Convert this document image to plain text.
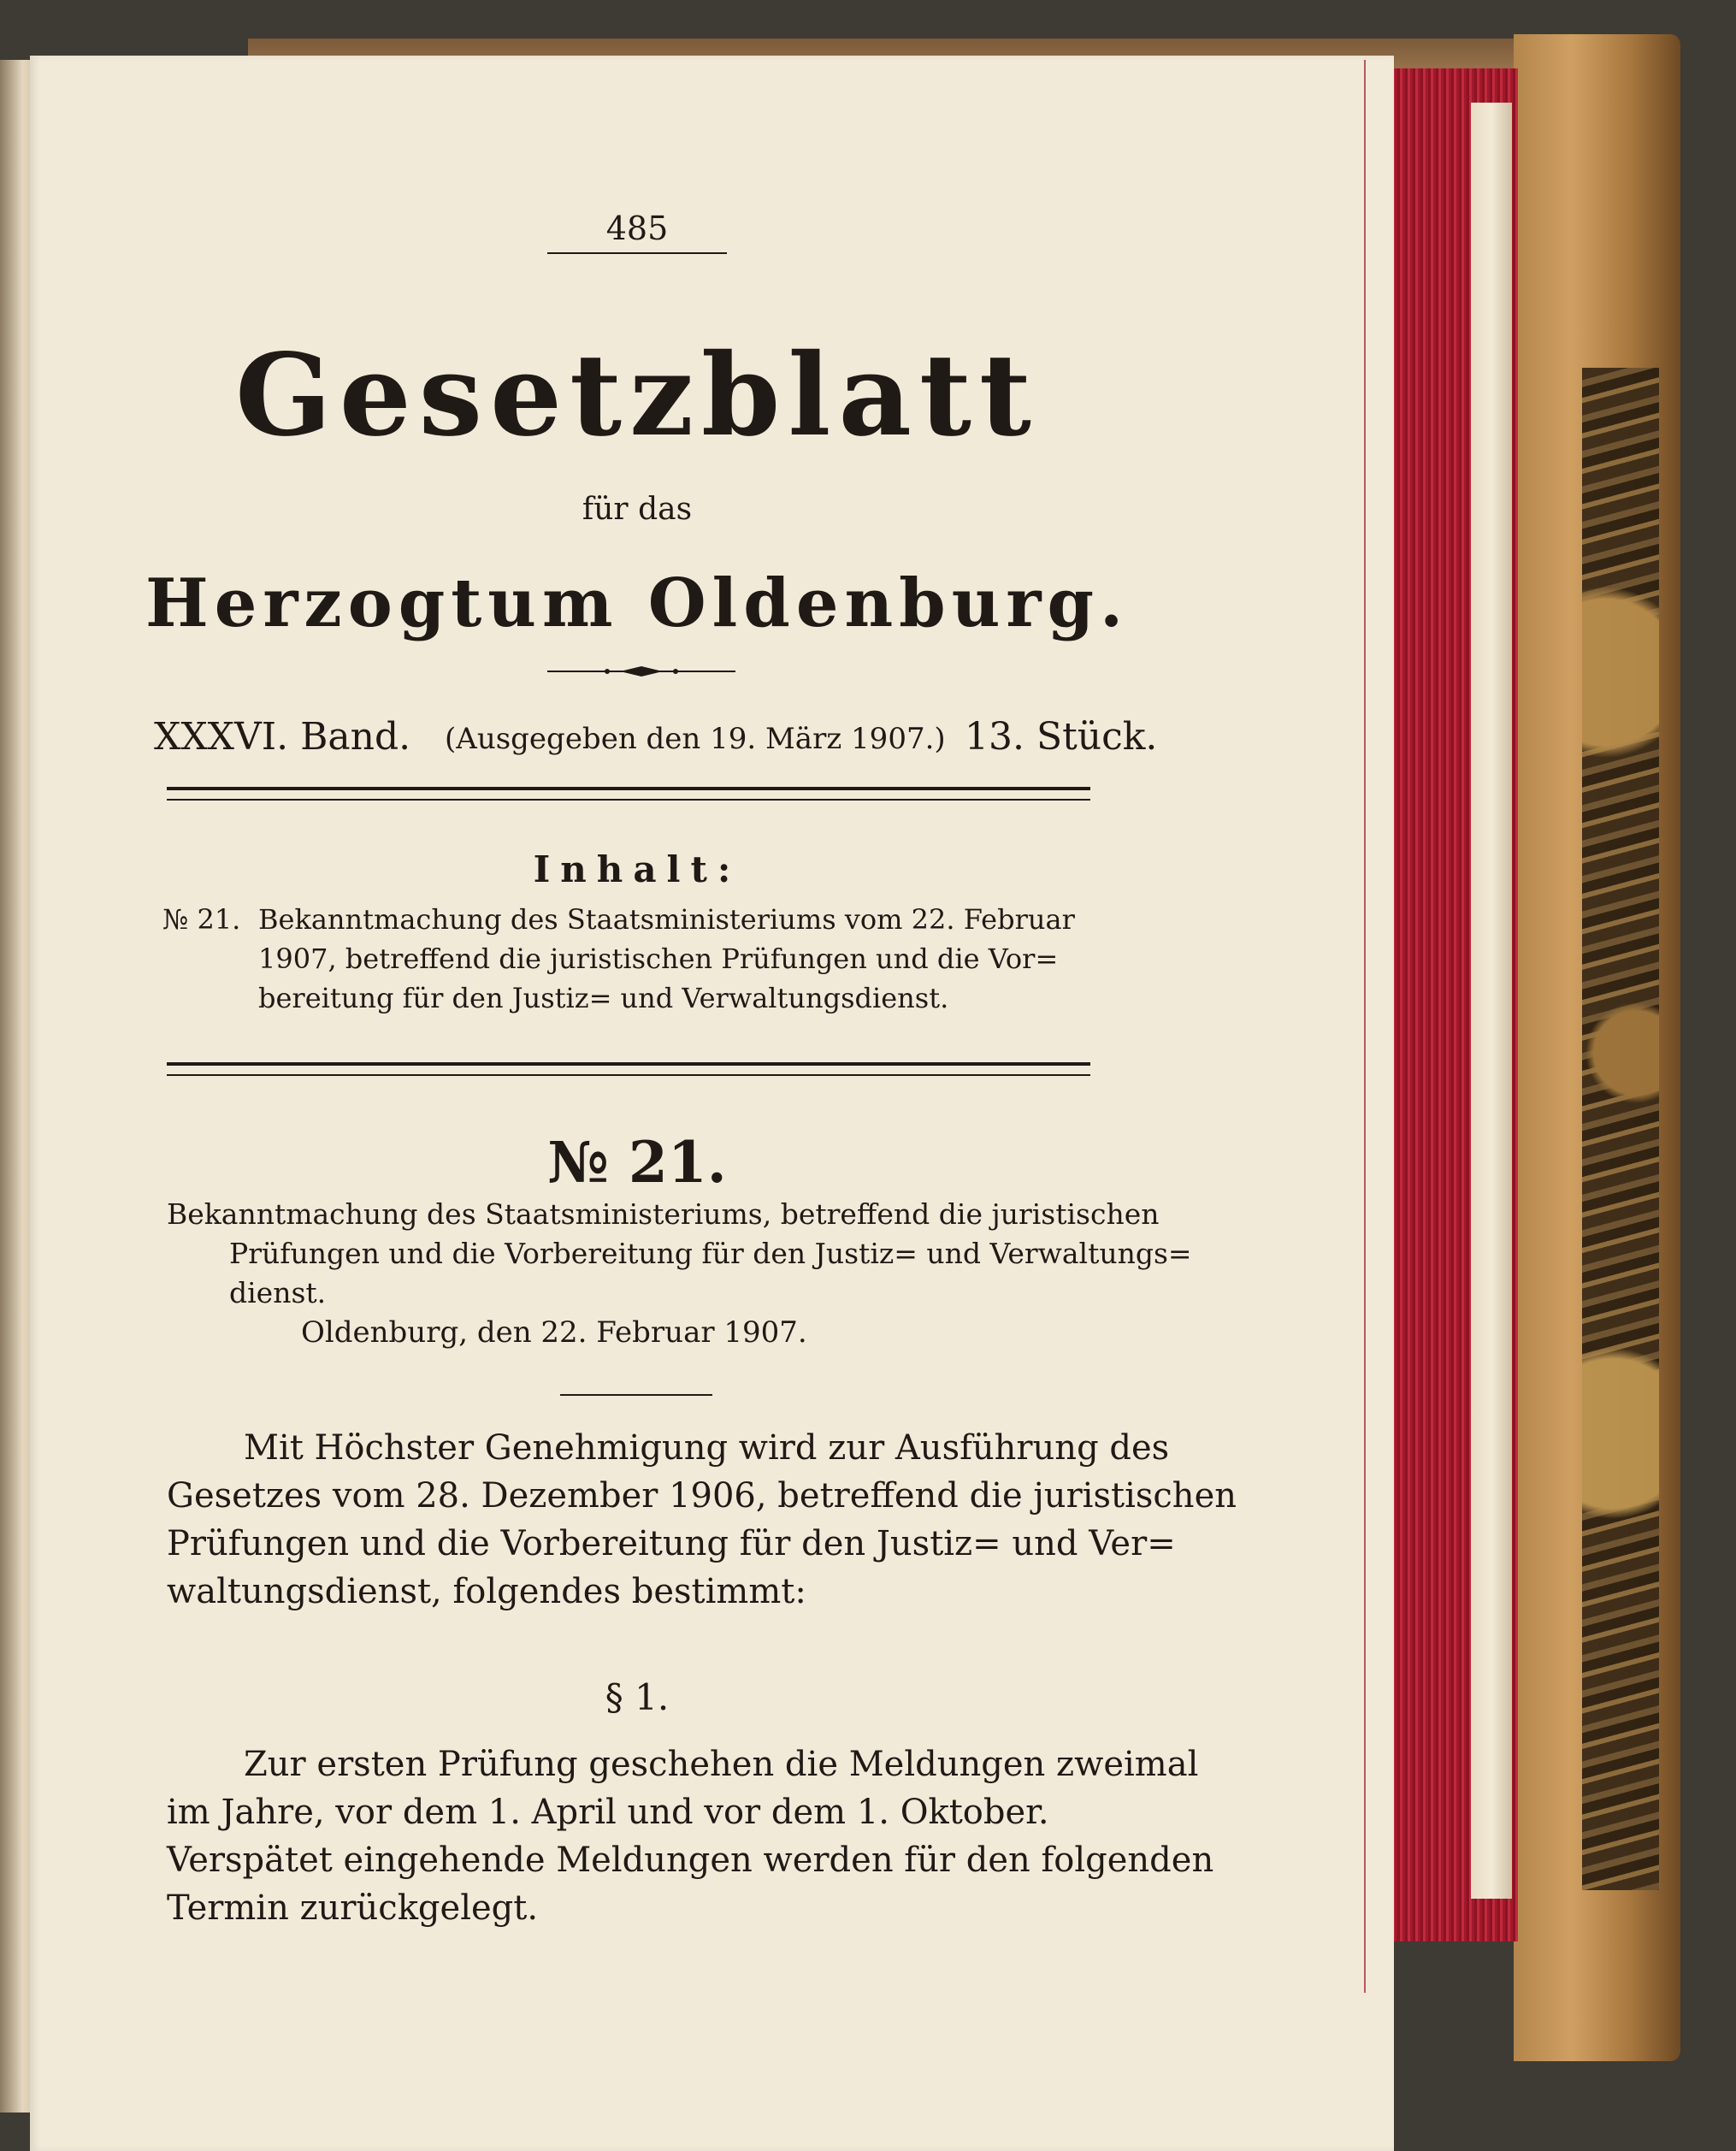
485
Gesetzblatt
für das
Herzogtum Oldenburg.
XXXVI. Band. (Ausgegeben den 19. März 1907.) 13. Stück.
Inhalt:
№ 21. Bekanntmachung des Staatsministeriums vom 22. Februar
1907, betreffend die juristischen Prüfungen und die Vor=
bereitung für den Justiz= und Verwaltungsdienst.
№ 21.
Bekanntmachung des Staatsministeriums, betreffend die juristischen
Prüfungen und die Vorbereitung für den Justiz= und Verwaltungs=
dienst.
Oldenburg, den 22. Februar 1907.
Mit Höchster Genehmigung wird zur Ausführung des
Gesetzes vom 28. Dezember 1906, betreffend die juristischen
Prüfungen und die Vorbereitung für den Justiz= und Ver=
waltungsdienst, folgendes bestimmt:
§ 1.
Zur ersten Prüfung geschehen die Meldungen zweimal
im Jahre, vor dem 1. April und vor dem 1. Oktober.
Verspätet eingehende Meldungen werden für den folgenden
Termin zurückgelegt.
